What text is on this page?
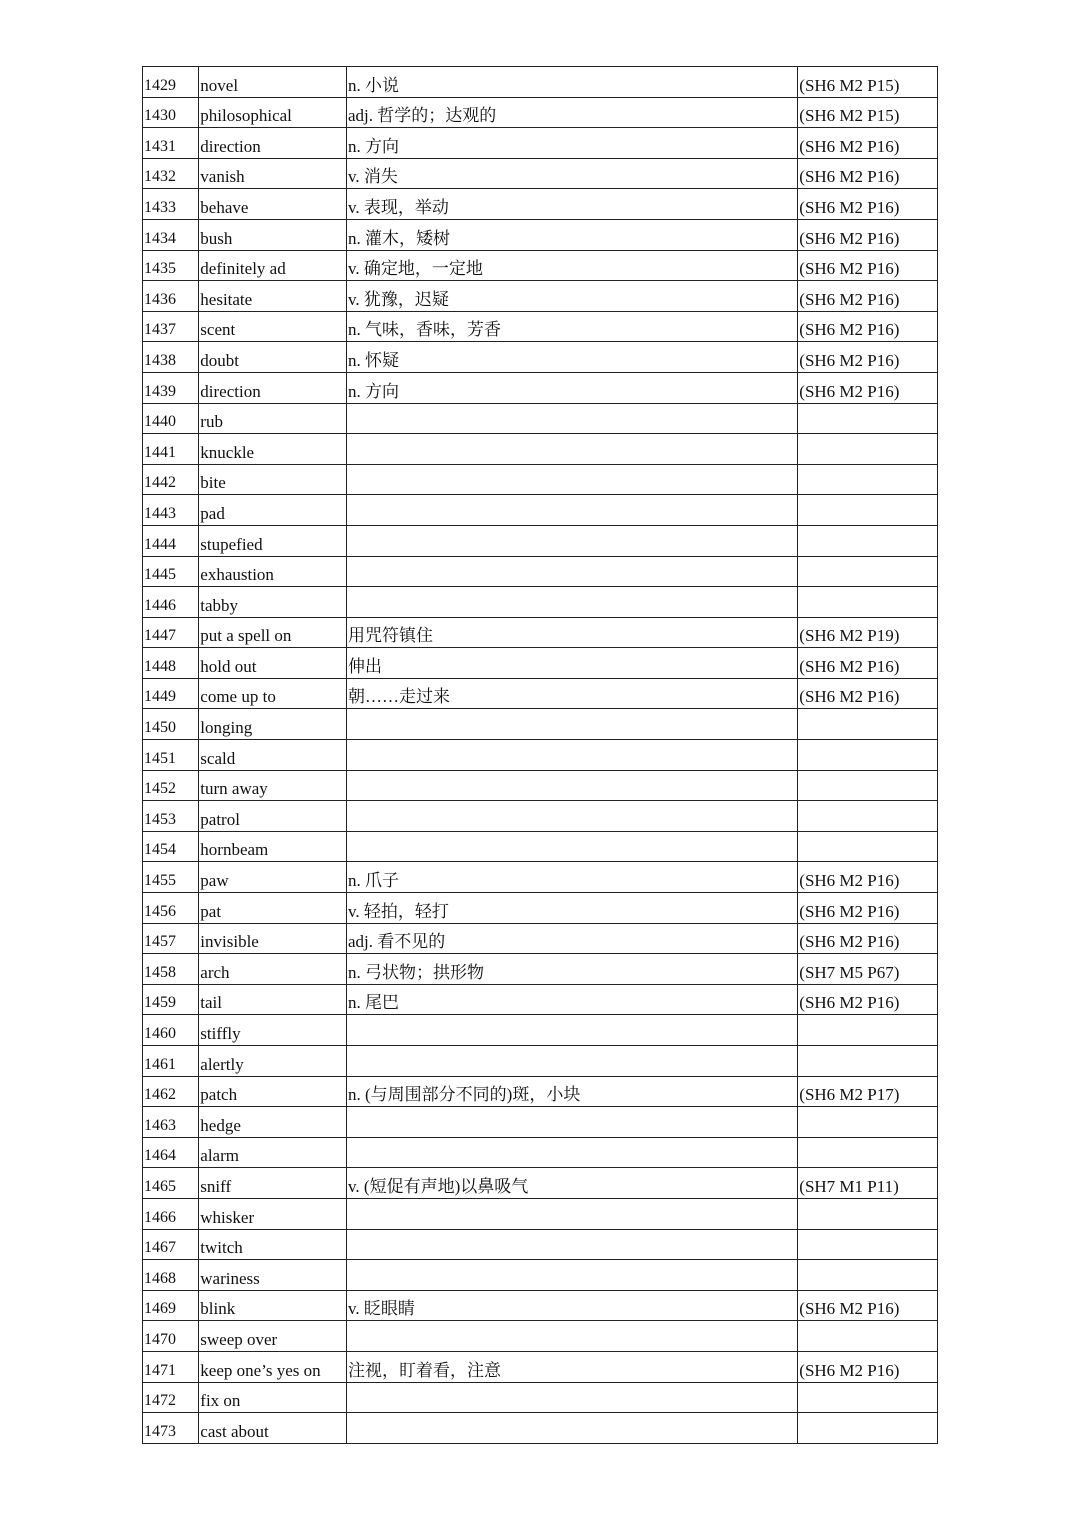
1429	novel	n. 小说	(SH6 M2 P15)
1430	philosophical	adj. 哲学的；达观的	(SH6 M2 P15)
1431	direction	n. 方向	(SH6 M2 P16)
1432	vanish	v. 消失	(SH6 M2 P16)
1433	behave	v. 表现，举动	(SH6 M2 P16)
1434	bush	n. 灌木，矮树	(SH6 M2 P16)
1435	definitely ad	v. 确定地，一定地	(SH6 M2 P16)
1436	hesitate	v. 犹豫，迟疑	(SH6 M2 P16)
1437	scent	n. 气味，香味，芳香	(SH6 M2 P16)
1438	doubt	n. 怀疑	(SH6 M2 P16)
1439	direction	n. 方向	(SH6 M2 P16)
1440	rub		
1441	knuckle		
1442	bite		
1443	pad		
1444	stupefied		
1445	exhaustion		
1446	tabby		
1447	put a spell on	用咒符镇住	(SH6 M2 P19)
1448	hold out	伸出	(SH6 M2 P16)
1449	come up to	朝……走过来	(SH6 M2 P16)
1450	longing		
1451	scald		
1452	turn away		
1453	patrol		
1454	hornbeam		
1455	paw	n. 爪子	(SH6 M2 P16)
1456	pat	v. 轻拍，轻打	(SH6 M2 P16)
1457	invisible	adj. 看不见的	(SH6 M2 P16)
1458	arch	n. 弓状物；拱形物	(SH7 M5 P67)
1459	tail	n. 尾巴	(SH6 M2 P16)
1460	stiffly		
1461	alertly		
1462	patch	n. (与周围部分不同的)斑，小块	(SH6 M2 P17)
1463	hedge		
1464	alarm		
1465	sniff	v. (短促有声地)以鼻吸气	(SH7 M1 P11)
1466	whisker		
1467	twitch		
1468	wariness		
1469	blink	v. 眨眼睛	(SH6 M2 P16)
1470	sweep over		
1471	keep one’s yes on	注视，盯着看，注意	(SH6 M2 P16)
1472	fix on		
1473	cast about		
